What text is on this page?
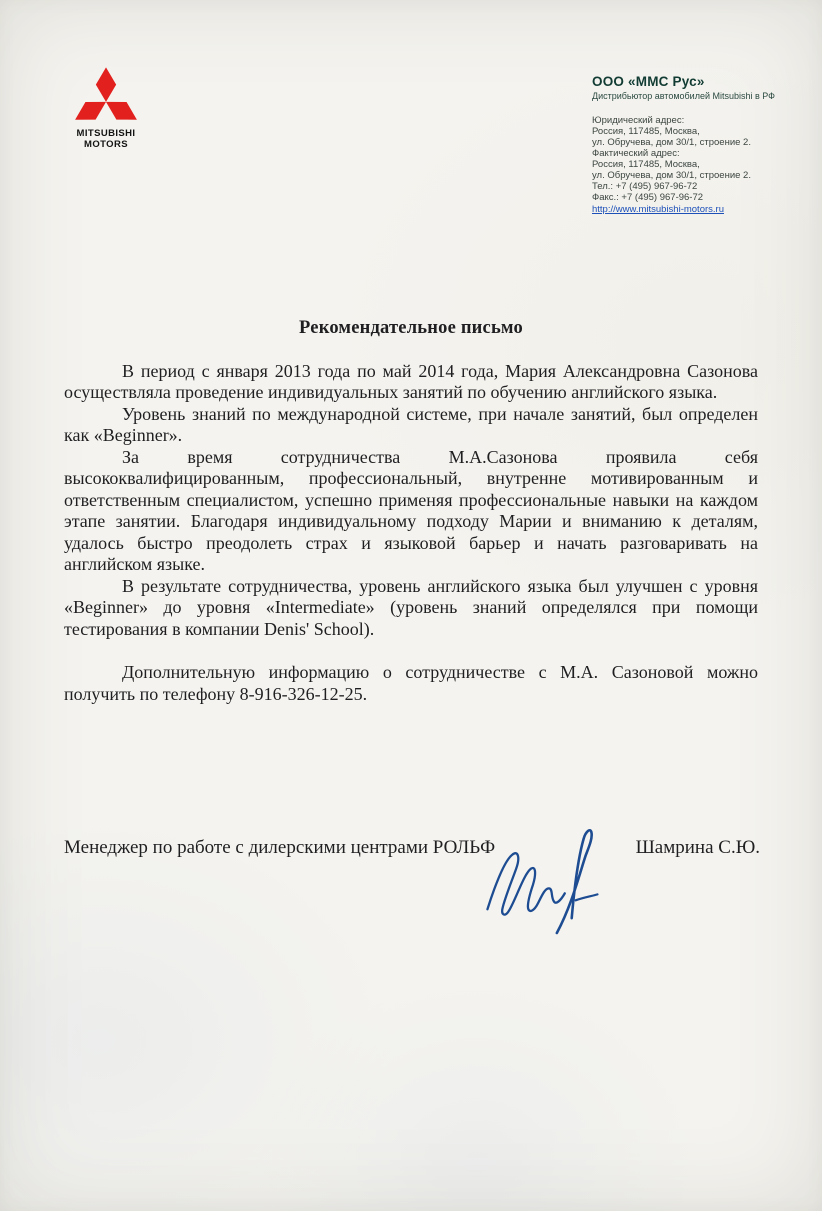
MITSUBISHI
MOTORS
ООО «ММС Рус»
Дистрибьютор автомобилей Mitsubishi в РФ
Юридический адрес:
Россия, 117485, Москва,
ул. Обручева, дом 30/1, строение 2.
Фактический адрес:
Россия, 117485, Москва,
ул. Обручева, дом 30/1, строение 2.
Тел.: +7 (495) 967-96-72
Факс.: +7 (495) 967-96-72
http://www.mitsubishi-motors.ru
Рекомендательное письмо

В период с января 2013 года по май 2014 года, Мария Александровна Сазонова осуществляла проведение индивидуальных занятий по обучению английского языка.

Уровень знаний по международной системе, при начале занятий, был определен как «Beginner».

За время сотрудничества М.А.Сазонова проявила себя высококвалифицированным, профессиональный, внутренне мотивированным и ответственным специалистом, успешно применяя профессиональные навыки на каждом этапе занятии. Благодаря индивидуальному подходу Марии и вниманию к деталям, удалось быстро преодолеть страх и языковой барьер и начать разговаривать на английском языке.

В результате сотрудничества, уровень английского языка был улучшен с уровня «Beginner» до уровня «Intermediate» (уровень знаний определялся при помощи тестирования в компании Denis' School).

Дополнительную информацию о сотрудничестве с М.А. Сазоновой можно получить по телефону 8-916-326-12-25.

Менеджер по работе с дилерскими центрами РОЛЬФ	Шамрина С.Ю.
